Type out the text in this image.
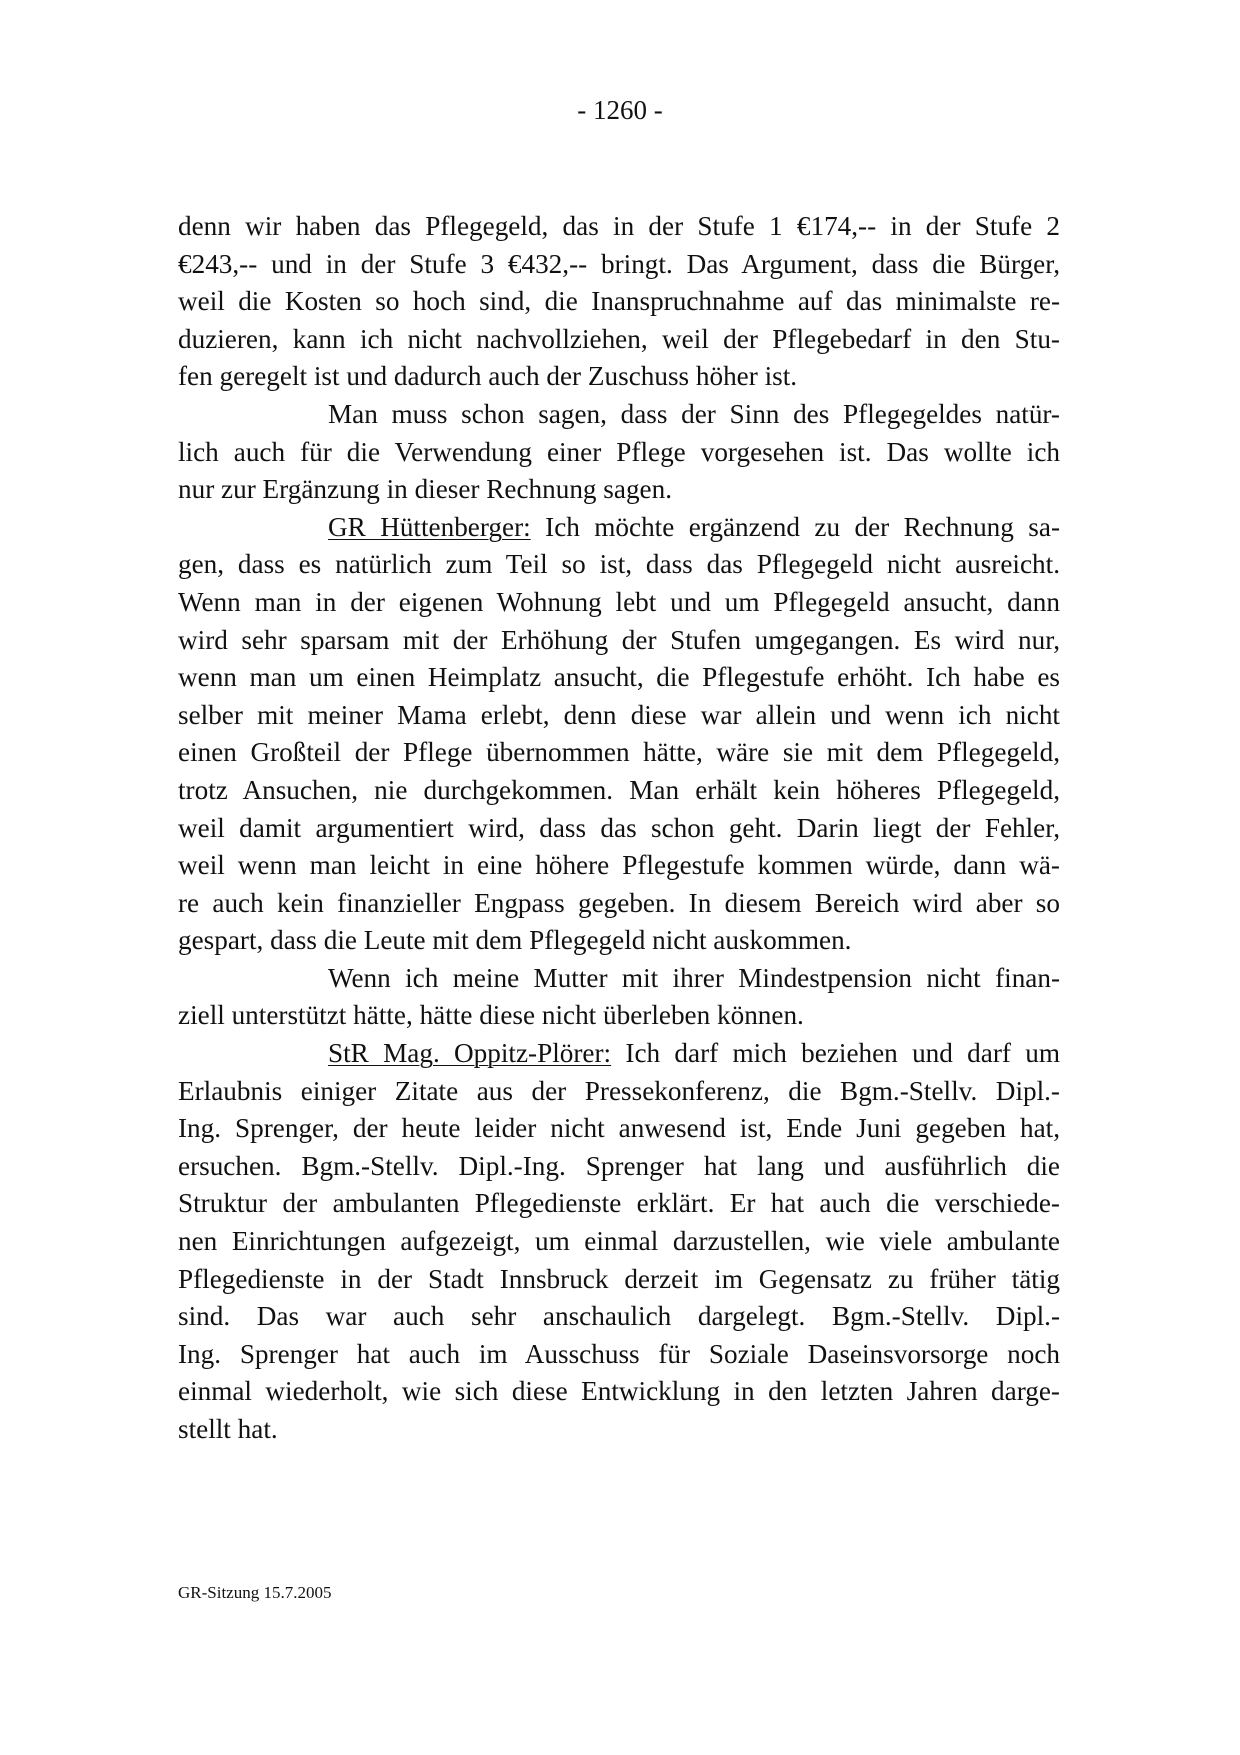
- 1260 -
denn wir haben das Pflegegeld, das in der Stufe 1 €174,-- in der Stufe 2
€243,-- und in der Stufe 3 €432,-- bringt. Das Argument, dass die Bürger,
weil die Kosten so hoch sind, die Inanspruchnahme auf das minimalste re-
duzieren, kann ich nicht nachvollziehen, weil der Pflegebedarf in den Stu-
fen geregelt ist und dadurch auch der Zuschuss höher ist.
Man muss schon sagen, dass der Sinn des Pflegegeldes natür-
lich auch für die Verwendung einer Pflege vorgesehen ist. Das wollte ich
nur zur Ergänzung in dieser Rechnung sagen.
GR Hüttenberger: Ich möchte ergänzend zu der Rechnung sa-
gen, dass es natürlich zum Teil so ist, dass das Pflegegeld nicht ausreicht.
Wenn man in der eigenen Wohnung lebt und um Pflegegeld ansucht, dann
wird sehr sparsam mit der Erhöhung der Stufen umgegangen. Es wird nur,
wenn man um einen Heimplatz ansucht, die Pflegestufe erhöht. Ich habe es
selber mit meiner Mama erlebt, denn diese war allein und wenn ich nicht
einen Großteil der Pflege übernommen hätte, wäre sie mit dem Pflegegeld,
trotz Ansuchen, nie durchgekommen. Man erhält kein höheres Pflegegeld,
weil damit argumentiert wird, dass das schon geht. Darin liegt der Fehler,
weil wenn man leicht in eine höhere Pflegestufe kommen würde, dann wä-
re auch kein finanzieller Engpass gegeben. In diesem Bereich wird aber so
gespart, dass die Leute mit dem Pflegegeld nicht auskommen.
Wenn ich meine Mutter mit ihrer Mindestpension nicht finan-
ziell unterstützt hätte, hätte diese nicht überleben können.
StR Mag. Oppitz-Plörer: Ich darf mich beziehen und darf um
Erlaubnis einiger Zitate aus der Pressekonferenz, die Bgm.-Stellv. Dipl.-
Ing. Sprenger, der heute leider nicht anwesend ist, Ende Juni gegeben hat,
ersuchen. Bgm.-Stellv. Dipl.-Ing. Sprenger hat lang und ausführlich die
Struktur der ambulanten Pflegedienste erklärt. Er hat auch die verschiede-
nen Einrichtungen aufgezeigt, um einmal darzustellen, wie viele ambulante
Pflegedienste in der Stadt Innsbruck derzeit im Gegensatz zu früher tätig
sind. Das war auch sehr anschaulich dargelegt. Bgm.-Stellv. Dipl.-
Ing. Sprenger hat auch im Ausschuss für Soziale Daseinsvorsorge noch
einmal wiederholt, wie sich diese Entwicklung in den letzten Jahren darge-
stellt hat.
GR-Sitzung 15.7.2005
